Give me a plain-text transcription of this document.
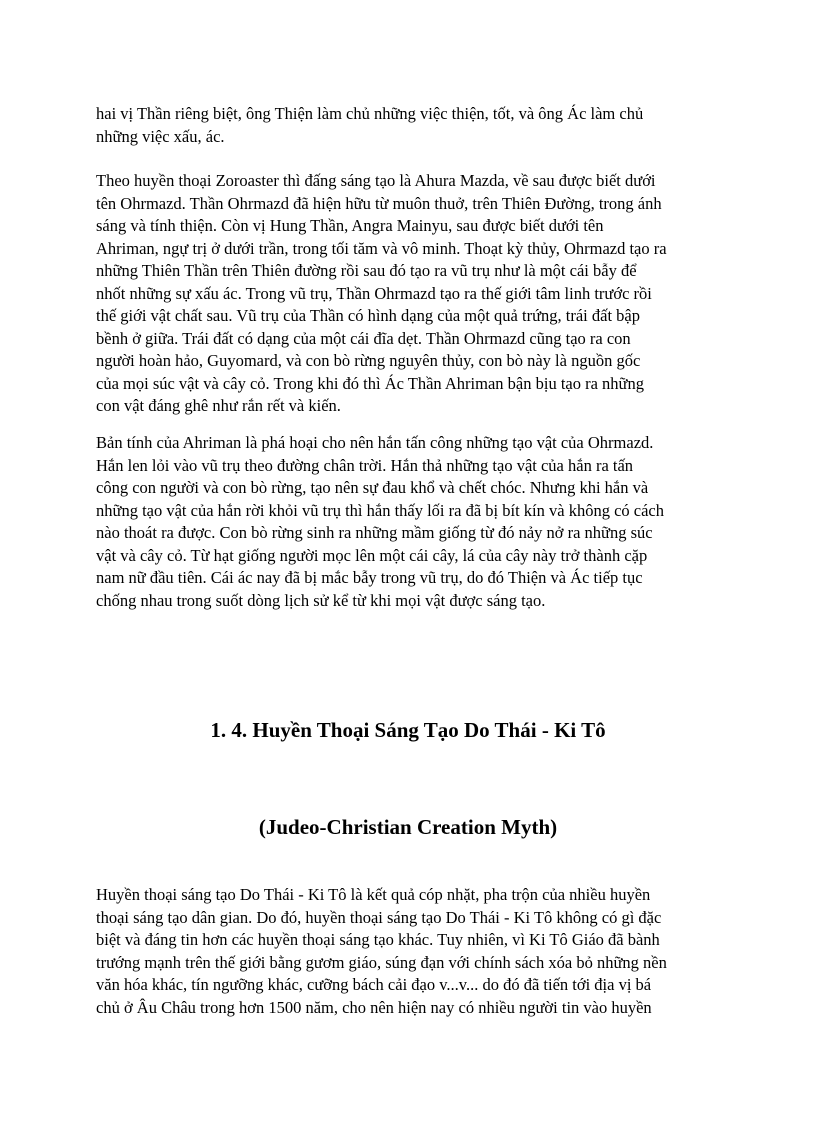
hai vị Thần riêng biệt, ông Thiện làm chủ những việc thiện, tốt, và ông Ác làm chủ
những việc xấu, ác.
Theo huyền thoại Zoroaster thì đấng sáng tạo là Ahura Mazda, về sau được biết dưới
tên Ohrmazd. Thần Ohrmazd đã hiện hữu từ muôn thuở, trên Thiên Đường, trong ánh
sáng và tính thiện. Còn vị Hung Thần, Angra Mainyu, sau được biết dưới tên
Ahriman, ngự trị ở dưới trần, trong tối tăm và vô minh. Thoạt kỳ thủy, Ohrmazd tạo ra
những Thiên Thần trên Thiên đường rồi sau đó tạo ra vũ trụ như là một cái bẫy để
nhốt những sự xấu ác. Trong vũ trụ, Thần Ohrmazd tạo ra thế giới tâm linh trước rồi
thế giới vật chất sau. Vũ trụ của Thần có hình dạng của một quả trứng, trái đất bập
bềnh ở giữa. Trái đất có dạng của một cái đĩa dẹt. Thần Ohrmazd cũng tạo ra con
người hoàn hảo, Guyomard, và con bò rừng nguyên thủy, con bò này là nguồn gốc
của mọi súc vật và cây cỏ. Trong khi đó thì Ác Thần Ahriman bận bịu tạo ra những
con vật đáng ghê như rắn rết và kiến.
Bản tính của Ahriman là phá hoại cho nên hắn tấn công những tạo vật của Ohrmazd.
Hắn len lỏi vào vũ trụ theo đường chân trời. Hắn thả những tạo vật của hắn ra tấn
công con người và con bò rừng, tạo nên sự đau khổ và chết chóc. Nhưng khi hắn và
những tạo vật của hắn rời khỏi vũ trụ thì hắn thấy lối ra đã bị bít kín và không có cách
nào thoát ra được. Con bò rừng sinh ra những mầm giống từ đó nảy nở ra những súc
vật và cây cỏ. Từ hạt giống người mọc lên một cái cây, lá của cây này trở thành cặp
nam nữ đầu tiên. Cái ác nay đã bị mắc bẫy trong vũ trụ, do đó Thiện và Ác tiếp tục
chống nhau trong suốt dòng lịch sử kể từ khi mọi vật được sáng tạo.
1. 4. Huyền Thoại Sáng Tạo Do Thái - Ki Tô
(Judeo-Christian Creation Myth)
Huyền thoại sáng tạo Do Thái - Ki Tô là kết quả cóp nhặt, pha trộn của nhiều huyền
thoại sáng tạo dân gian. Do đó, huyền thoại sáng tạo Do Thái - Ki Tô không có gì đặc
biệt và đáng tin hơn các huyền thoại sáng tạo khác. Tuy nhiên, vì Ki Tô Giáo đã bành
trướng mạnh trên thế giới bằng gươm giáo, súng đạn với chính sách xóa bỏ những nền
văn hóa khác, tín ngưỡng khác, cưỡng bách cải đạo v...v... do đó đã tiến tới địa vị bá
chủ ở Âu Châu trong hơn 1500 năm, cho nên hiện nay có nhiều người tin vào huyền
